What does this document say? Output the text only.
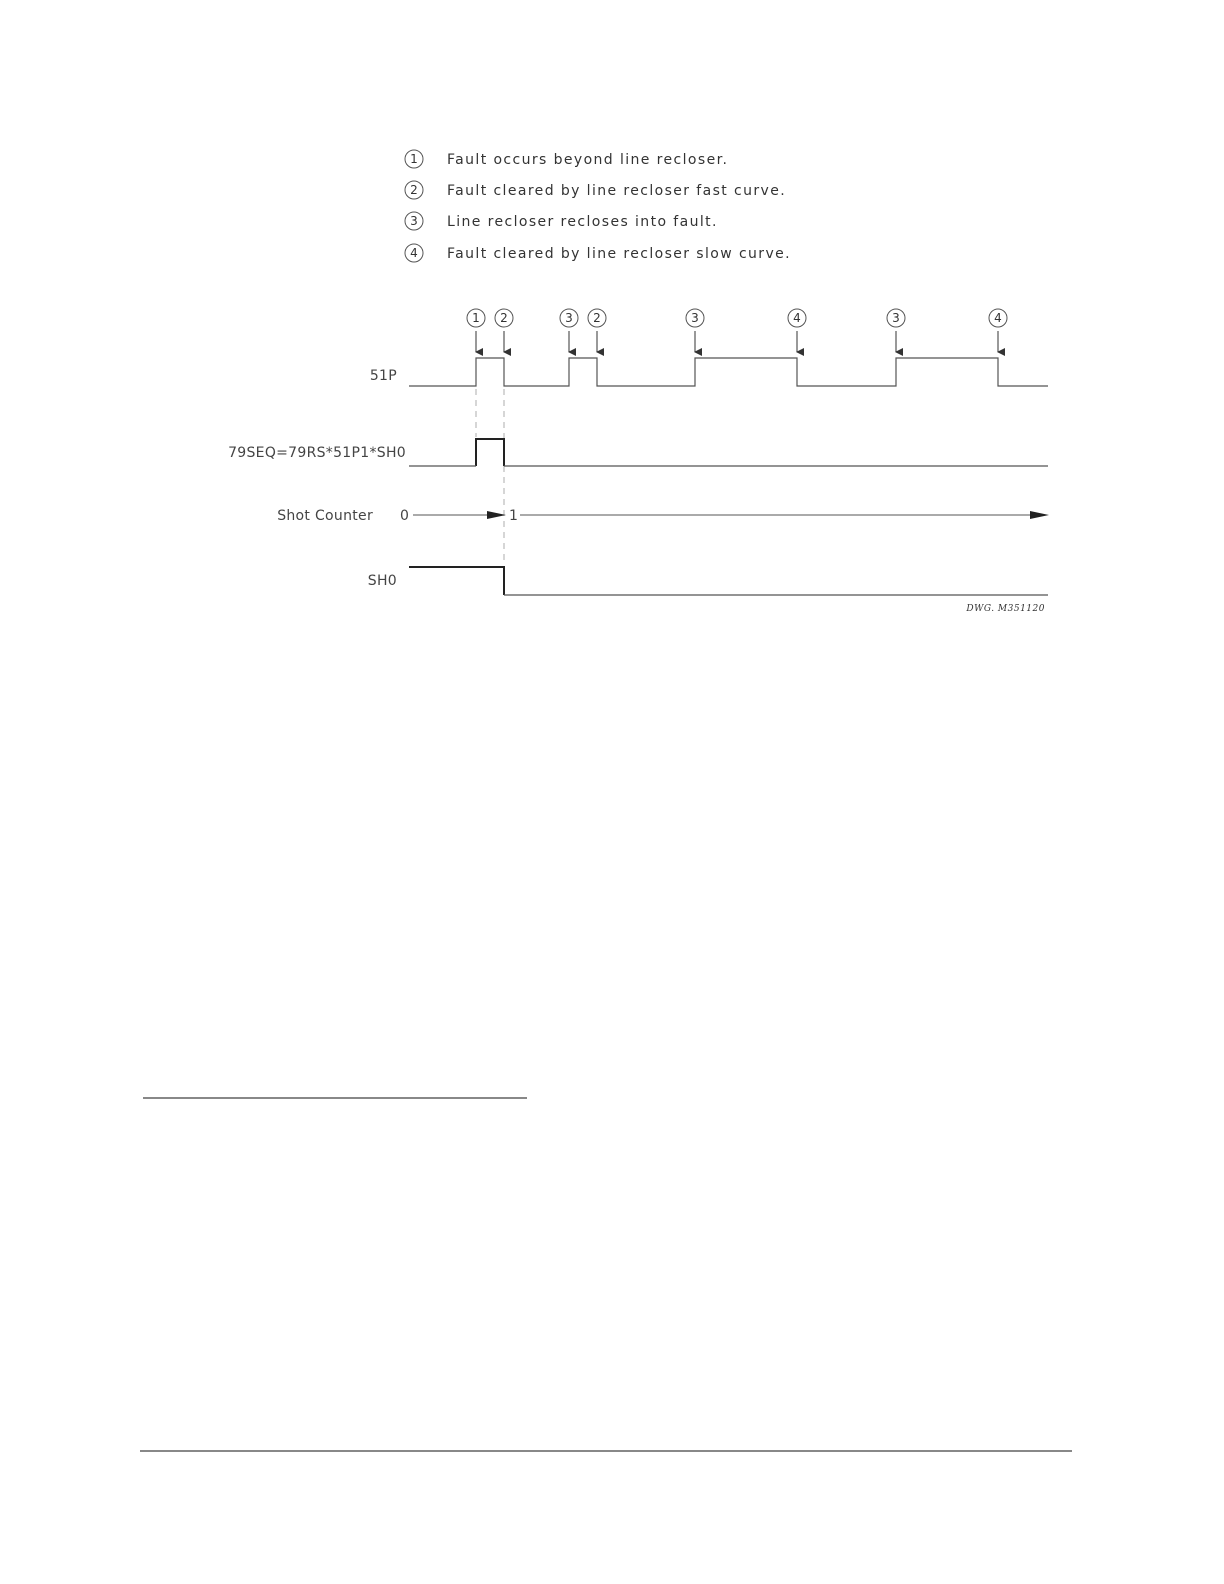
1 Fault occurs beyond line recloser.
2 Fault cleared by line recloser fast curve.
3 Line recloser recloses into fault.
4 Fault cleared by line recloser slow curve.
1 2	3 2	3	4	3	4
51P
79SEQ=79RS*51P1*SH0
Shot Counter
SH0
0	1
DWG. M351120
